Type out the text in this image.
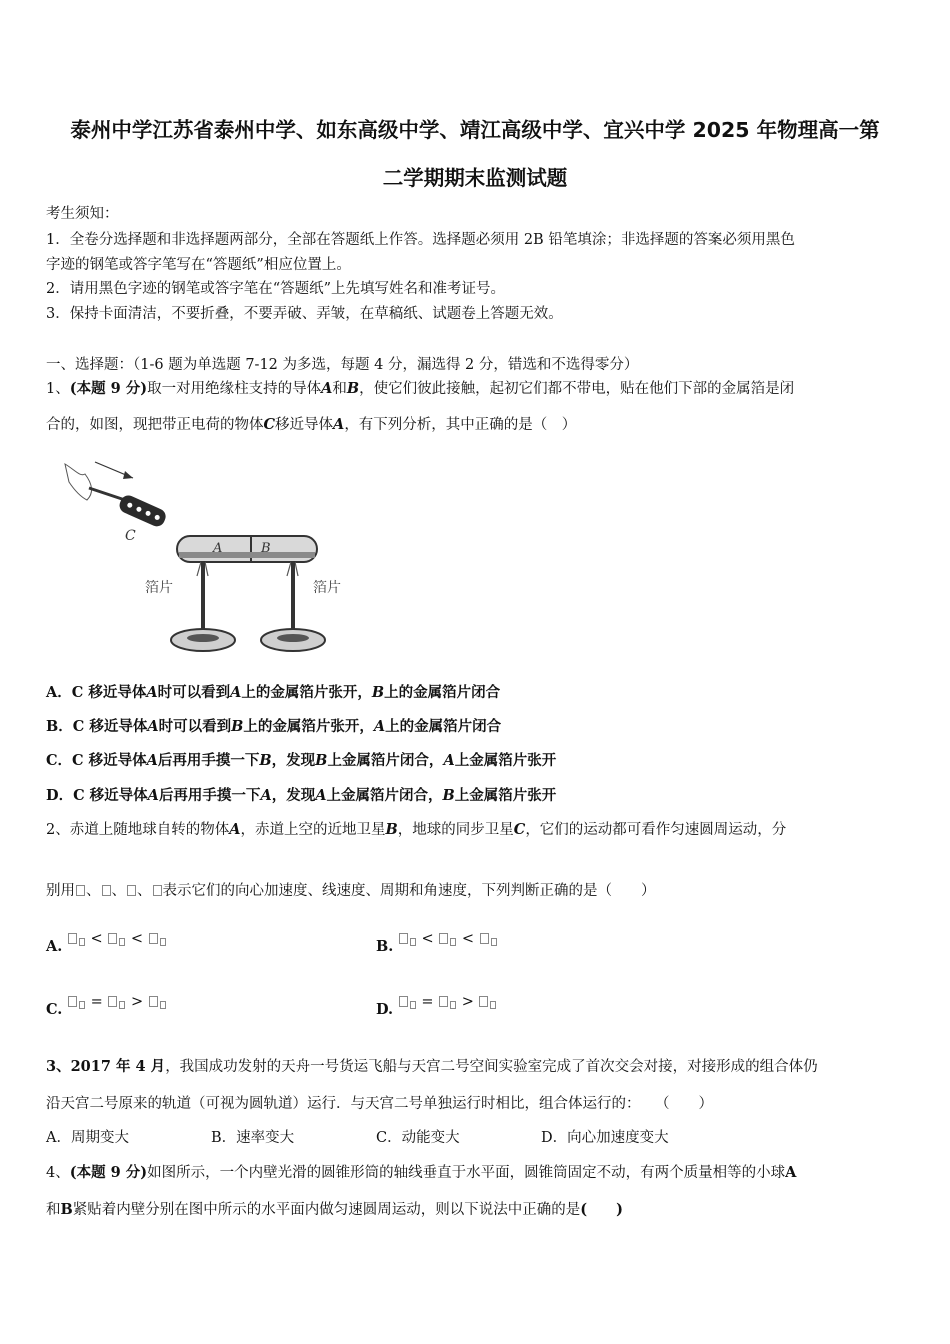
泰州中学江苏省泰州中学、如东高级中学、靖江高级中学、宜兴中学 2025 年物理高一第
二学期期末监测试题
考生须知：
1．全卷分选择题和非选择题两部分，全部在答题纸上作答。选择题必须用 2B 铅笔填涂；非选择题的答案必须用黑色
字迹的钢笔或答字笔写在“答题纸”相应位置上。
2．请用黑色字迹的钢笔或答字笔在“答题纸”上先填写姓名和准考证号。
3．保持卡面清洁，不要折叠，不要弄破、弄皱，在草稿纸、试题卷上答题无效。
一、选择题：（1-6 题为单选题 7-12 为多选，每题 4 分，漏选得 2 分，错选和不选得零分）
1、(本题 9 分)取一对用绝缘柱支持的导体A和B，使它们彼此接触，起初它们都不带电，贴在他们下部的金属箔是闭
合的，如图，现把带正电荷的物体C移近导体A，有下列分析，其中正确的是（　）
C
A	B
箔片	箔片
A．C 移近导体A时可以看到A上的金属箔片张开，B上的金属箔片闭合
B．C 移近导体A时可以看到B上的金属箔片张开，A上的金属箔片闭合
C．C 移近导体A后再用手摸一下B，发现B上金属箔片闭合，A上金属箔片张开
D．C 移近导体A后再用手摸一下A，发现A上金属箔片闭合，B上金属箔片张开
2、赤道上随地球自转的物体A，赤道上空的近地卫星B，地球的同步卫星C，它们的运动都可看作匀速圆周运动，分
别用 、 、 、 表示它们的向心加速度、线速度、周期和角速度，下列判断正确的是（　　）
A. < <	B. < <
C. = >	D. = >
3、2017 年 4 月，我国成功发射的天舟一号货运飞船与天宫二号空间实验室完成了首次交会对接，对接形成的组合体仍
沿天宫二号原来的轨道（可视为圆轨道）运行．与天宫二号单独运行时相比，组合体运行的：　　（　　）
A．周期变大	B．速率变大	C．动能变大	D．向心加速度变大
4、(本题 9 分)如图所示，一个内壁光滑的圆锥形筒的轴线垂直于水平面，圆锥筒固定不动，有两个质量相等的小球A
和B紧贴着内壁分别在图中所示的水平面内做匀速圆周运动，则以下说法中正确的是(　　)
